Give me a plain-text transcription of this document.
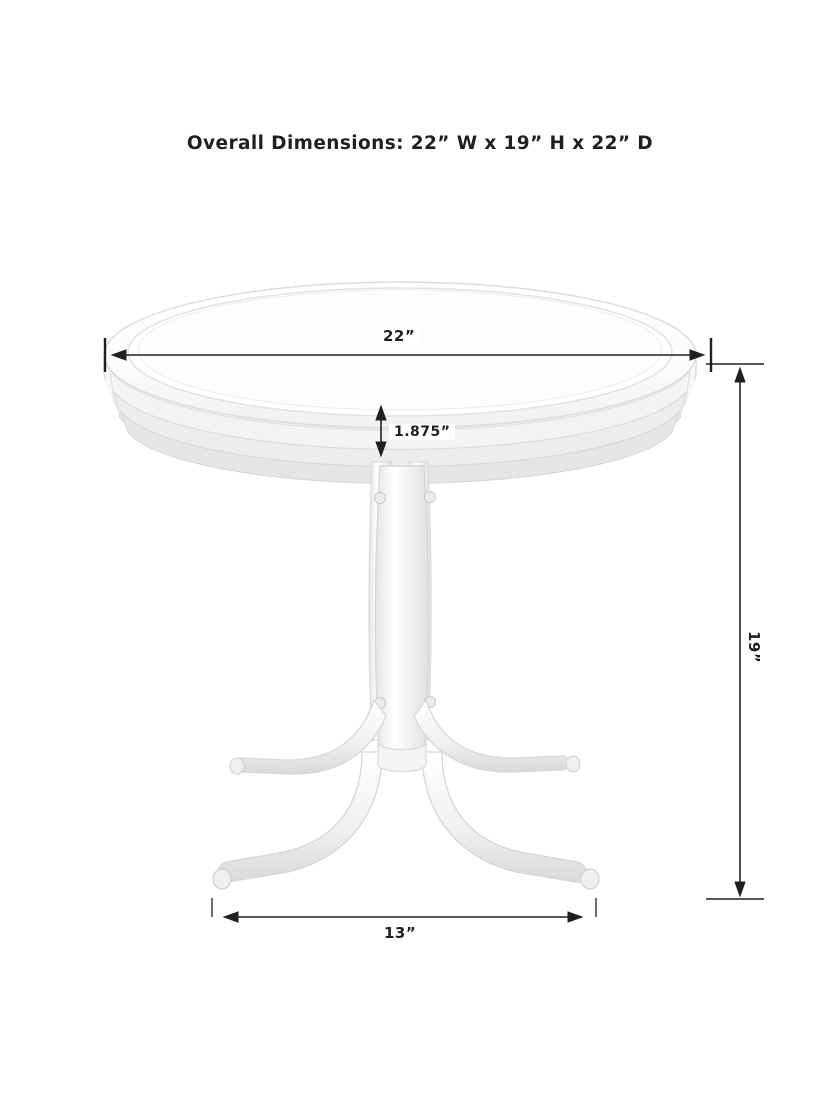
Overall Dimensions: 22” W x 19” H x 22” D
22”
1.875”
13”
19”
